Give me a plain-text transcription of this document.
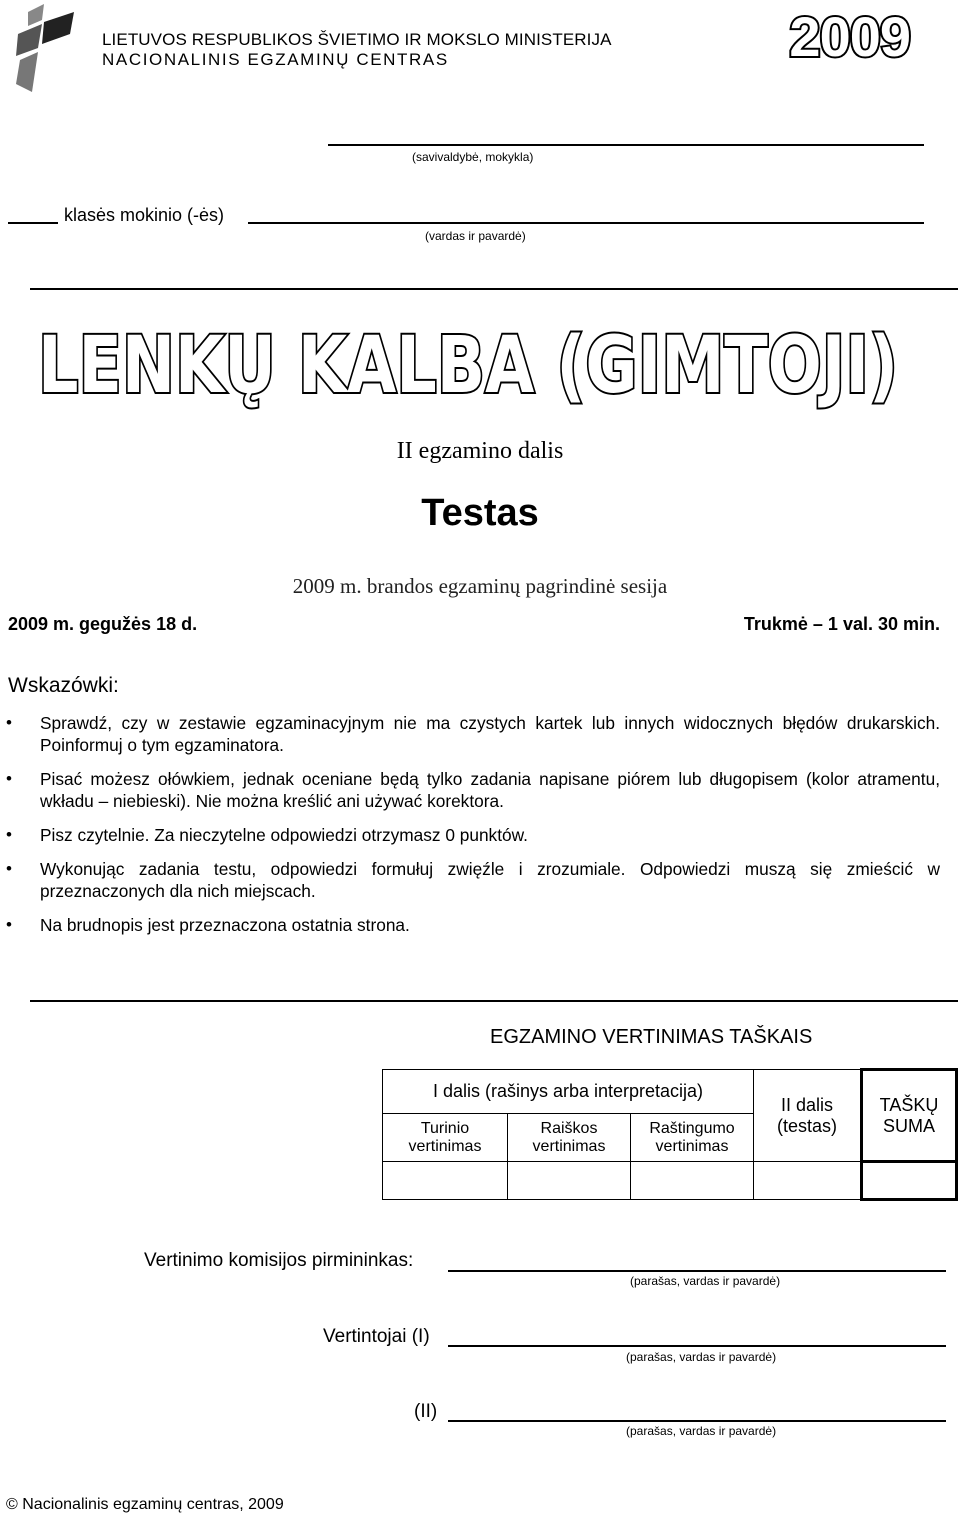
LIETUVOS RESPUBLIKOS ŠVIETIMO IR MOKSLO MINISTERIJA
NACIONALINIS EGZAMINŲ CENTRAS	2009
(savivaldybė, mokykla)
klasės mokinio (-ės)
(vardas ir pavardė)
LENKŲ KALBA (GIMTOJI)
II egzamino dalis
Testas
2009 m. brandos egzaminų pagrindinė sesija
2009 m. gegužės 18 d.	Trukmė – 1 val. 30 min.
Wskazówki:
• Sprawdź, czy w zestawie egzaminacyjnym nie ma czystych kartek lub innych widocznych błędów drukarskich. Poinformuj o tym egzaminatora.
• Pisać możesz ołówkiem, jednak oceniane będą tylko zadania napisane piórem lub długopisem (kolor atramentu, wkładu – niebieski). Nie można kreślić ani używać korektora.
• Pisz czytelnie. Za nieczytelne odpowiedzi otrzymasz 0 punktów.
• Wykonując zadania testu, odpowiedzi formułuj zwięźle i zrozumiale. Odpowiedzi muszą się zmieścić w przeznaczonych dla nich miejscach.
• Na brudnopis jest przeznaczona ostatnia strona.
EGZAMINO VERTINIMAS TAŠKAIS
I dalis (rašinys arba interpretacija)			II dalis (testas)	TAŠKŲ SUMA
Turinio vertinimas	Raiškos vertinimas	Raštingumo vertinimas		

Vertinimo komisijos pirmininkas:
(parašas, vardas ir pavardė)
Vertintojai (I)
(parašas, vardas ir pavardė)
(II)
(parašas, vardas ir pavardė)
© Nacionalinis egzaminų centras, 2009
